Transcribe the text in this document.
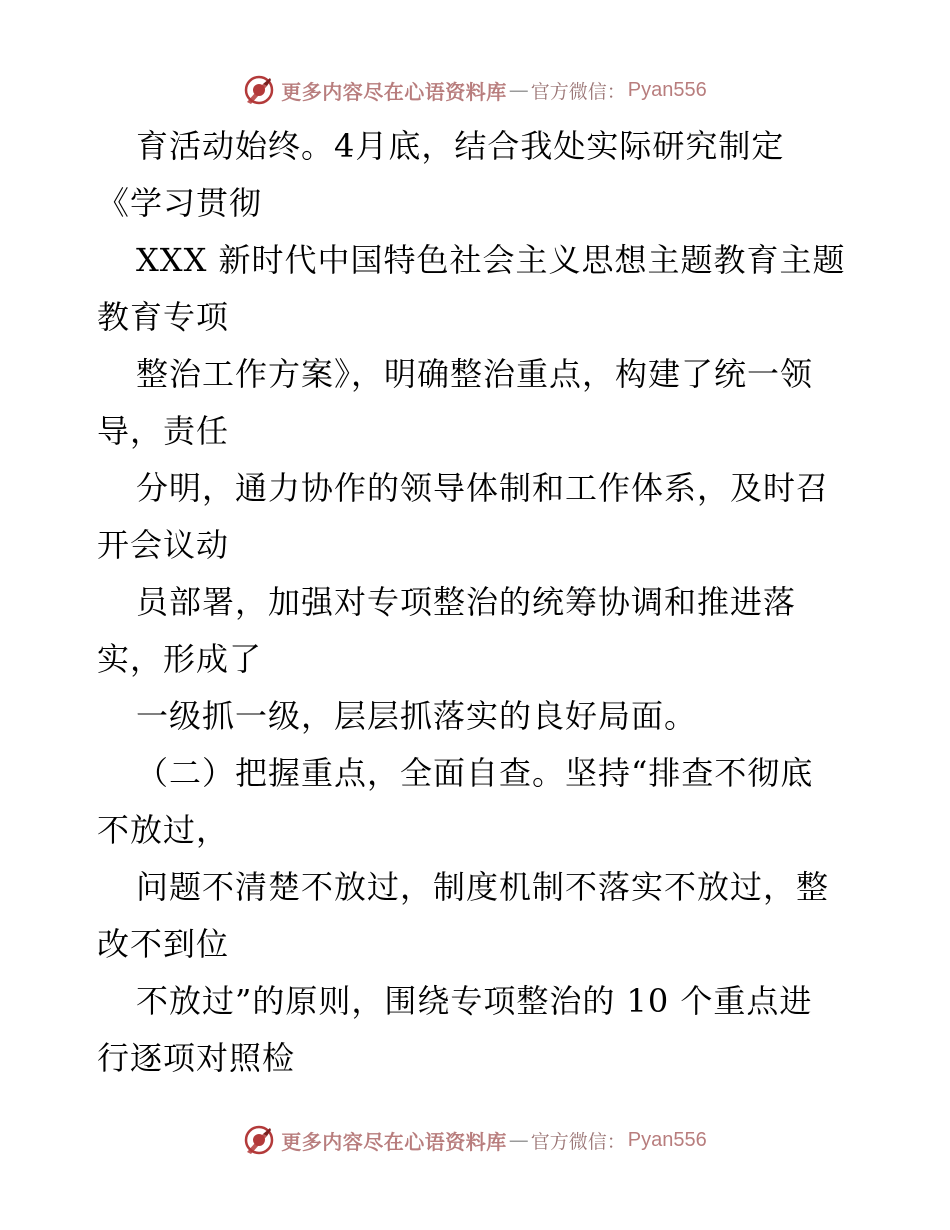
更多内容尽在心语资料库 — 官方微信： Pyan556
育活动始终。4月底，结合我处实际研究制定
《学习贯彻
XXX 新时代中国特色社会主义思想主题教育主题
教育专项
整治工作方案》，明确整治重点，构建了统一领
导，责任
分明，通力协作的领导体制和工作体系，及时召
开会议动
员部署，加强对专项整治的统筹协调和推进落
实，形成了
一级抓一级，层层抓落实的良好局面。
（二）把握重点，全面自查。坚持“排查不彻底
不放过，
问题不清楚不放过，制度机制不落实不放过，整
改不到位
不放过”的原则，围绕专项整治的 10 个重点进
行逐项对照检
更多内容尽在心语资料库 — 官方微信： Pyan556
